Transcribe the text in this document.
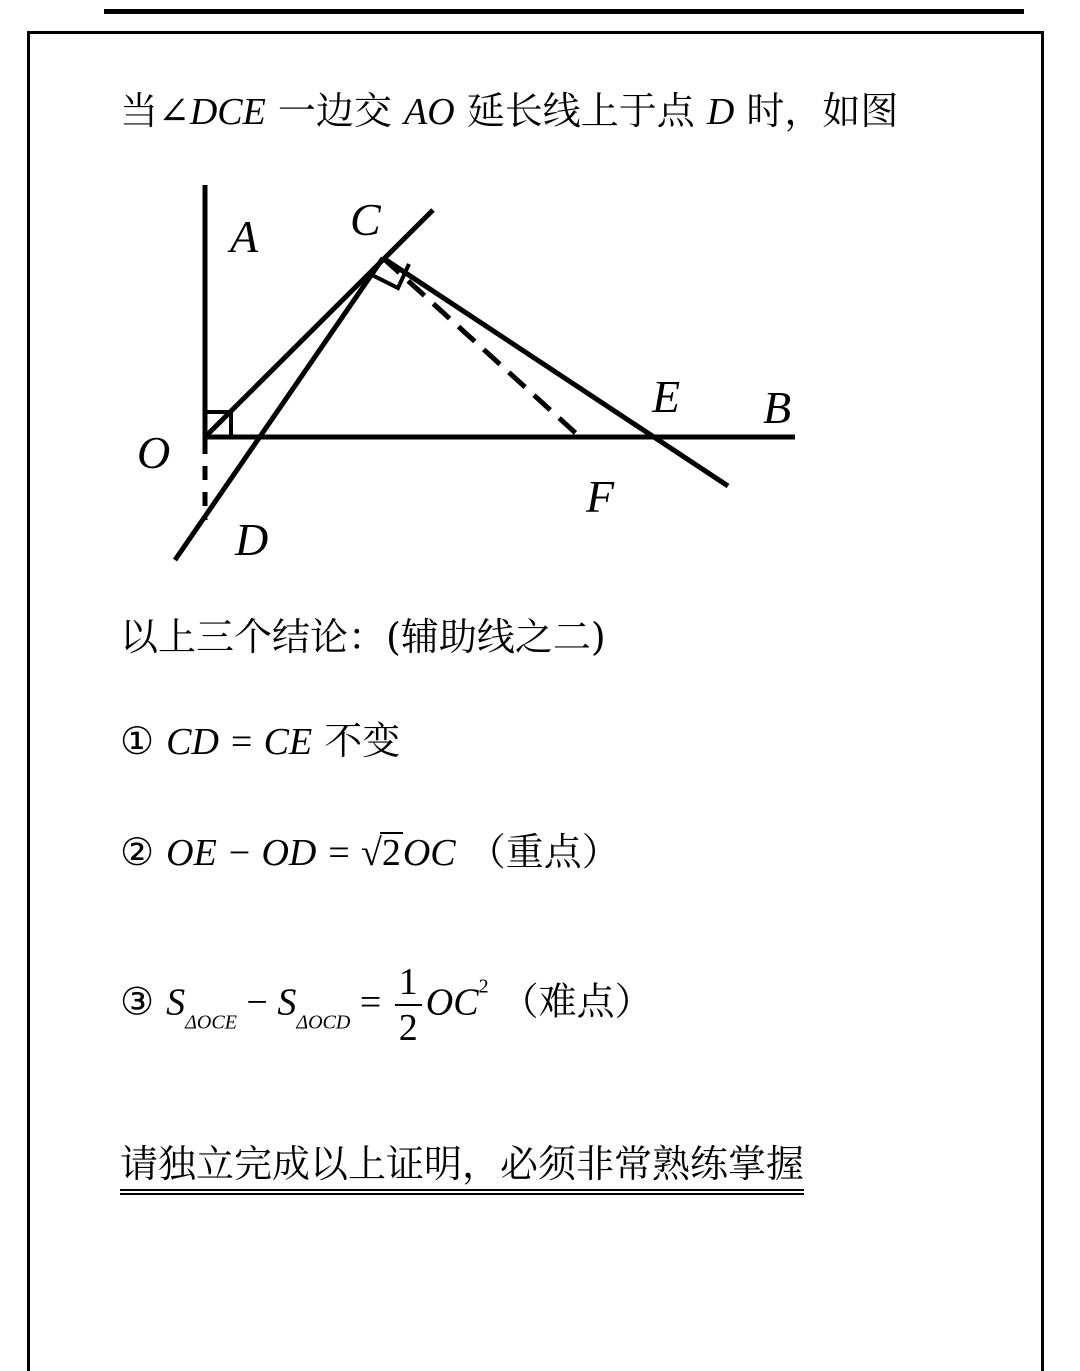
当∠DCE 一边交 AO 延长线上于点 D 时，如图
A C
E B
O
F
D
以上三个结论：(辅助线之二)
① CD = CE 不变
② OE − OD = √2OC （重点）
③ $S_{\Delta OCE} - S_{\Delta OCD} = \frac{1}{2} OC^2$ （难点）
请独立完成以上证明，必须非常熟练掌握
